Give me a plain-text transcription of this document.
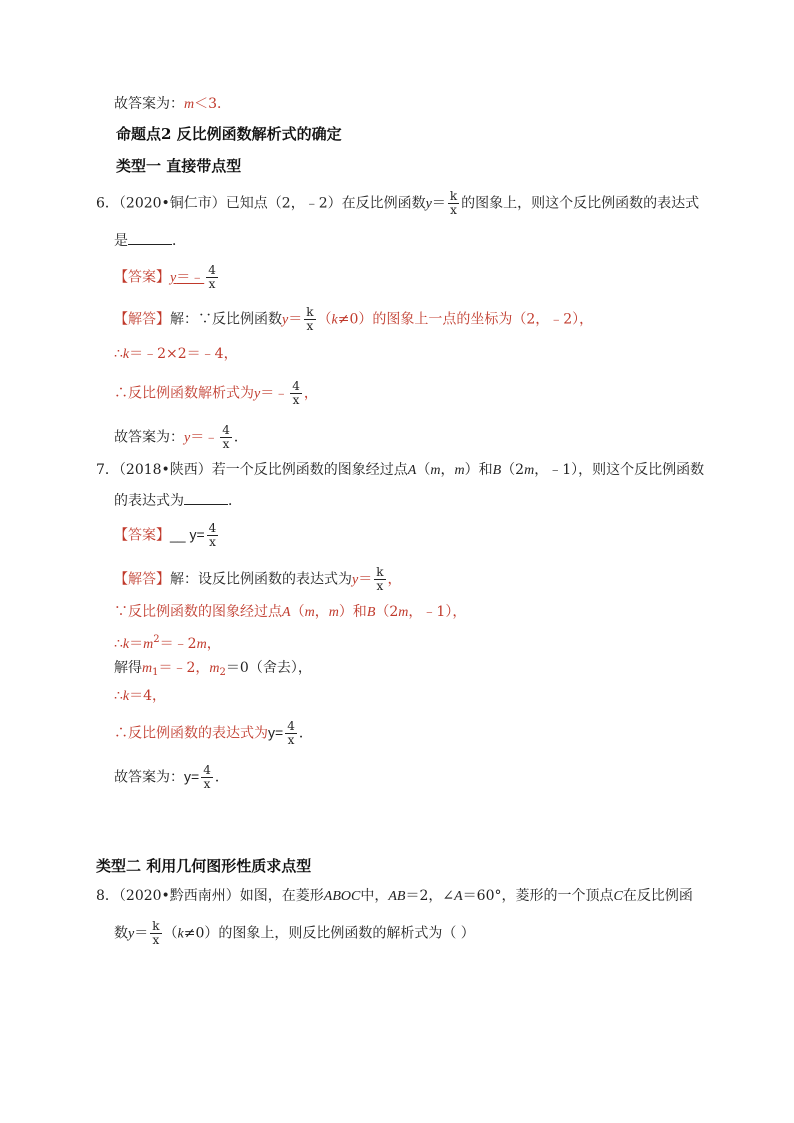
故答案为：m＜3．
命题点2 反比例函数解析式的确定
类型一 直接带点型
6．（2020•铜仁市）已知点（2，﹣2）在反比例函数$y= \frac{k}{x}$ 的图象上，则这个反比例函数的表达式
是	．
【答案】y＝﹣ $\frac{4}{x}$
【解答】解：∵反比例函数$y= \frac{k}{x} (k\ne 0)$的图象上一点的坐标为（2，﹣2），
∴k＝﹣2×2＝﹣4，
∴反比例函数解析式为y＝﹣ $\frac{4}{x}$ ，
故答案为：y＝﹣ $\frac{4}{x}$ ．
7．（2018•陕西）若一个反比例函数的图象经过点A（m，m）和B（2m，﹣1），则这个反比例函数
的表达式为	．
【答案】__ $y= \frac{4}{x}$
【解答】解：设反比例函数的表达式为$y= \frac{k}{x}$ ，
∵反比例函数的图象经过点A（m，m）和B（2m，﹣1），
$\therefore k=m^2=﹣2m$，
解得$m_1=﹣2$，$m_2=0$（舍去），
∴k＝4，
∴反比例函数的表达式为$y= \frac{4}{x}$ ．
故答案为：$y= \frac{4}{x}$ ．
类型二 利用几何图形性质求点型
8．（2020•黔西南州）如图，在菱形ABOC中，AB＝2，∠A＝60°，菱形的一个顶点C在反比例函
数$y= \frac{k}{x} (k\ne 0)$的图象上，则反比例函数的解析式为（ ）
